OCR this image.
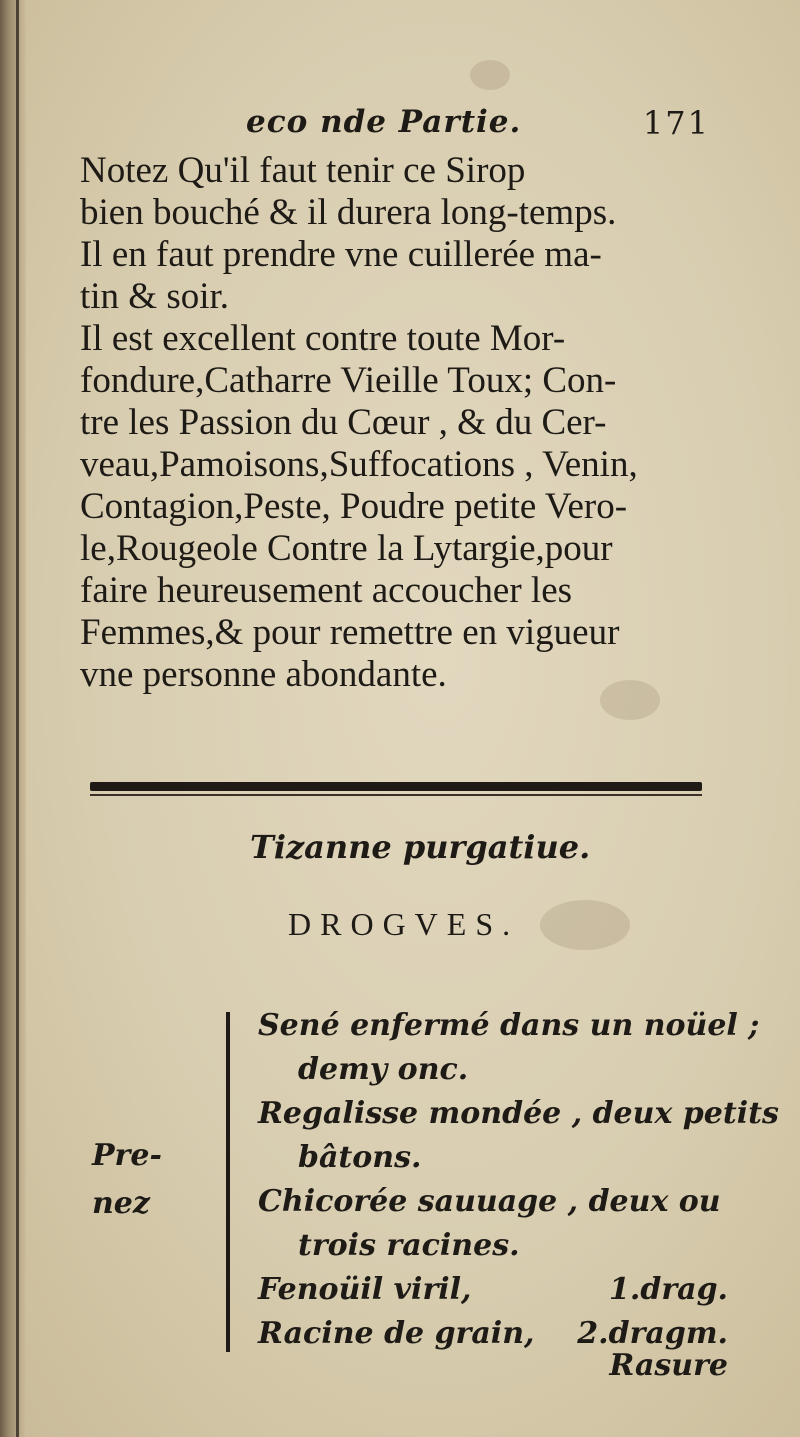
eco nde Partie.	171
Notez Qu'il faut tenir ce Sirop
bien bouché & il durera long-temps.
Il en faut prendre vne cuillerée ma-
tin & soir.
Il est excellent contre toute Mor-
fondure,Catharre Vieille Toux; Con-
tre les Passion du Cœur , & du Cer-
veau,Pamoisons,Suffocations , Venin,
Contagion,Peste, Poudre petite Vero-
le,Rougeole Contre la Lytargie,pour
faire heureusement accoucher les
Femmes,& pour remettre en vigueur
vne personne abondante.
Tizanne purgatiue.
DROGVES.
Pre-
nez
Sené enfermé dans un noüel ;
demy onc.
Regalisse mondée , deux petits
bâtons.
Chicorée sauuage , deux ou
trois racines.
Fenoüil viril,	1.drag.
Racine de grain, 2.dragm.
Rasure
